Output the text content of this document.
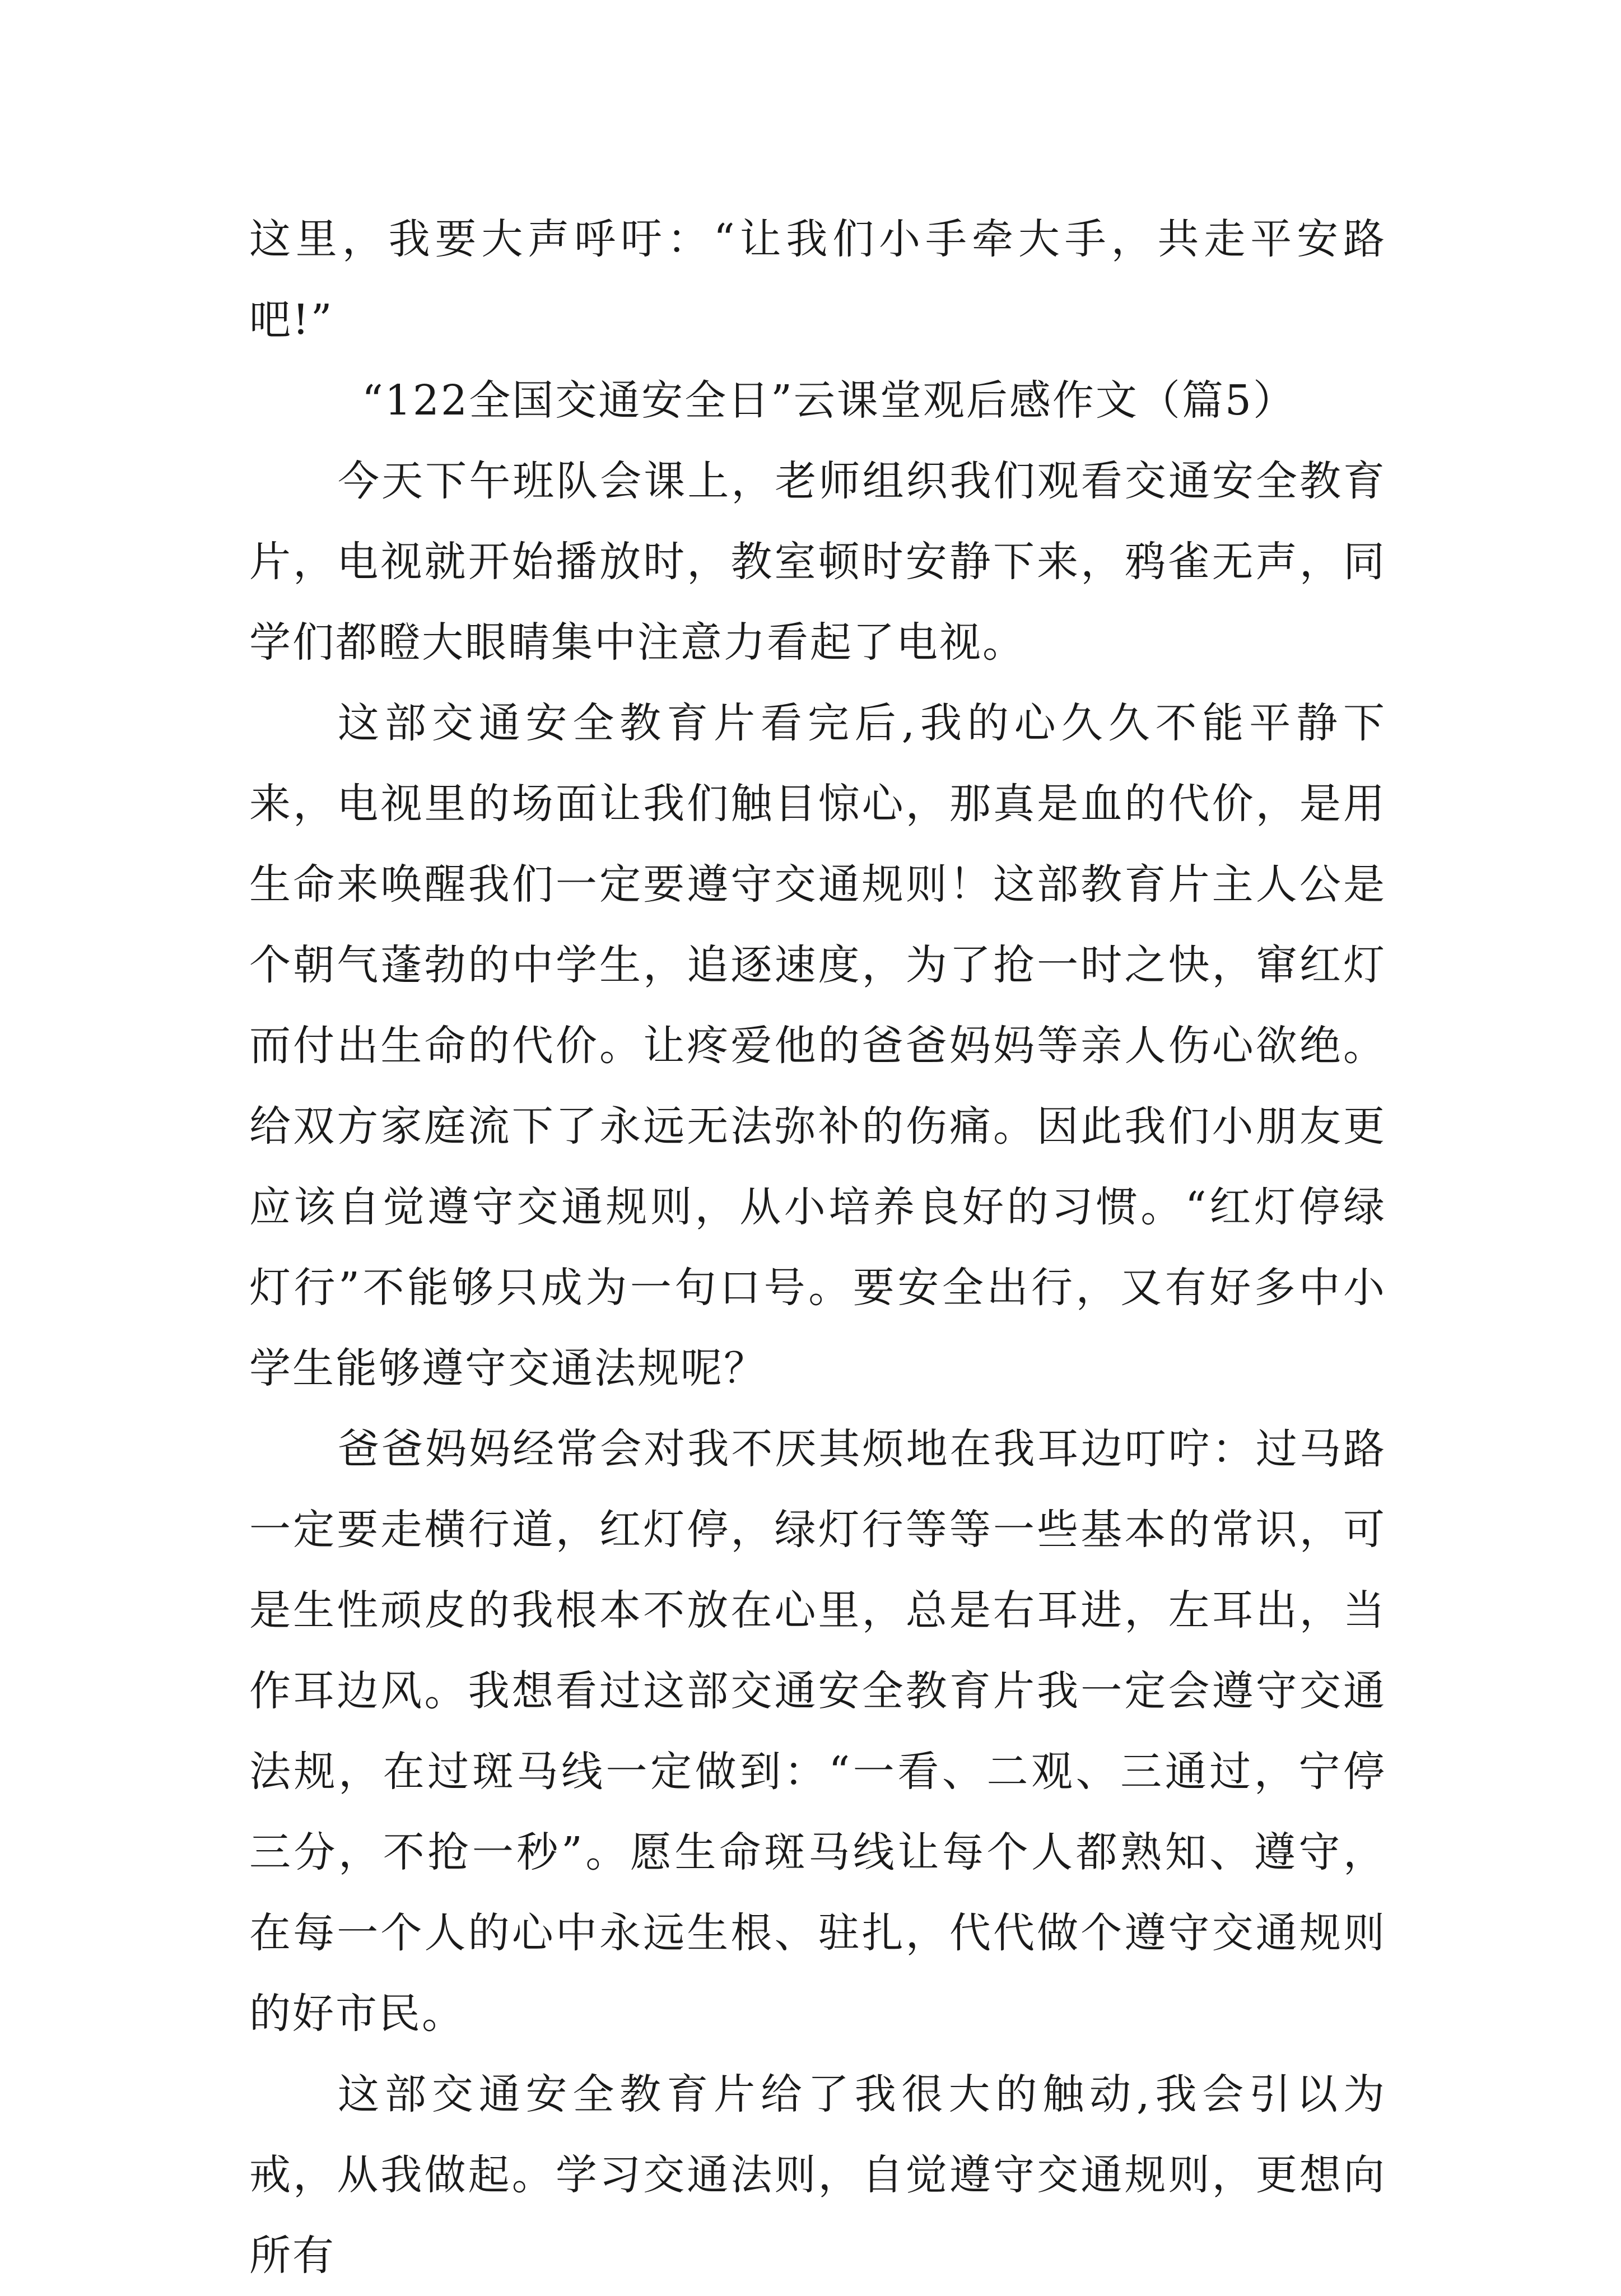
这里，我要大声呼吁：“让我们小手牵大手，共走平安路吧!”

“122全国交通安全日”云课堂观后感作文（篇5）

今天下午班队会课上，老师组织我们观看交通安全教育片，电视就开始播放时，教室顿时安静下来，鸦雀无声，同学们都瞪大眼睛集中注意力看起了电视。

这部交通安全教育片看完后,我的心久久不能平静下来，电视里的场面让我们触目惊心，那真是血的代价，是用生命来唤醒我们一定要遵守交通规则！这部教育片主人公是个朝气蓬勃的中学生，追逐速度，为了抢一时之快，窜红灯而付出生命的代价。让疼爱他的爸爸妈妈等亲人伤心欲绝。给双方家庭流下了永远无法弥补的伤痛。因此我们小朋友更应该自觉遵守交通规则，从小培养良好的习惯。“红灯停绿灯行”不能够只成为一句口号。要安全出行，又有好多中小学生能够遵守交通法规呢？

爸爸妈妈经常会对我不厌其烦地在我耳边叮咛：过马路一定要走横行道，红灯停，绿灯行等等一些基本的常识，可是生性顽皮的我根本不放在心里，总是右耳进，左耳出，当作耳边风。我想看过这部交通安全教育片我一定会遵守交通法规，在过斑马线一定做到：“一看、二观、三通过，宁停三分，不抢一秒”。愿生命斑马线让每个人都熟知、遵守，在每一个人的心中永远生根、驻扎，代代做个遵守交通规则的好市民。

这部交通安全教育片给了我很大的触动,我会引以为戒，从我做起。学习交通法则，自觉遵守交通规则，更想向所有
